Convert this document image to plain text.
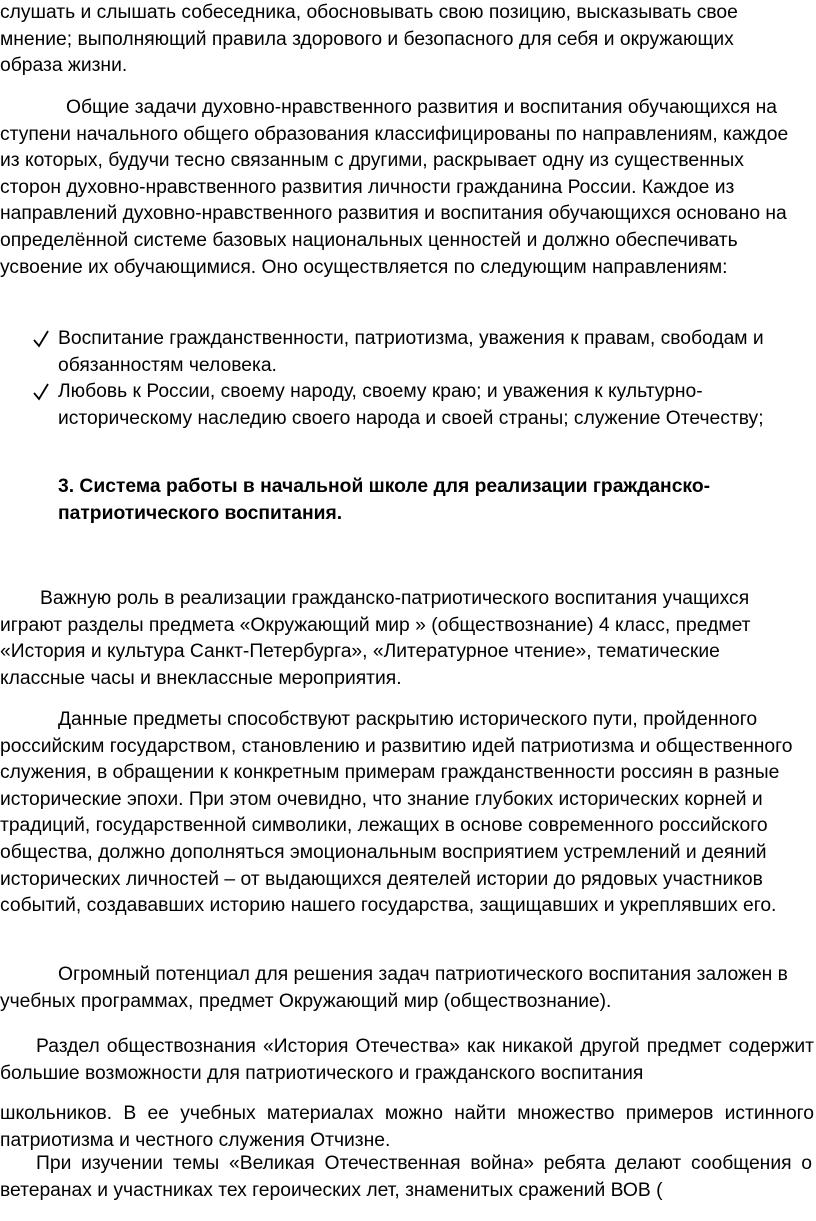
слушать и слышать собеседника, обосновывать свою позицию, высказывать свое мнение; выполняющий правила здорового и безопасного для себя и окружающих образа жизни.

Общие задачи духовно-нравственного развития и воспитания обучающихся на ступени начального общего образования классифицированы по направлениям, каждое из которых, будучи тесно связанным с другими, раскрывает одну из существенных сторон духовно-нравственного развития личности гражданина России. Каждое из направлений духовно-нравственного развития и воспитания обучающихся основано на определённой системе базовых национальных ценностей и должно обеспечивать усвоение их обучающимися. Оно осуществляется по следующим направлениям:

Воспитание гражданственности, патриотизма, уважения к правам, свободам и обязанностям человека.
Любовь к России, своему народу, своему краю; и уважения к культурно-историческому наследию своего народа и своей страны; служение Отечеству;

3. Система работы в начальной школе для реализации гражданско-патриотического воспитания.

Важную роль в реализации гражданско-патриотического воспитания учащихся играют разделы предмета «Окружающий мир » (обществознание) 4 класс, предмет «История и культура Санкт-Петербурга», «Литературное чтение», тематические классные часы и внеклассные мероприятия.

Данные предметы способствуют раскрытию исторического пути, пройденного российским государством, становлению и развитию идей патриотизма и общественного служения, в обращении к конкретным примерам гражданственности россиян в разные исторические эпохи. При этом очевидно, что знание глубоких исторических корней и традиций, государственной символики, лежащих в основе современного российского общества, должно дополняться эмоциональным восприятием устремлений и деяний исторических личностей – от выдающихся деятелей истории до рядовых участников событий, создававших историю нашего государства, защищавших и укреплявших его.

Огромный потенциал для решения задач патриотического воспитания заложен в учебных программах, предмет Окружающий мир (обществознание).

Раздел обществознания «История Отечества» как никакой другой предмет содержит большие возможности для патриотического и гражданского воспитания

школьников. В ее учебных материалах можно найти множество примеров истинного патриотизма и честного служения Отчизне.

При изучении темы «Великая Отечественная война» ребята делают сообщения о ветеранах и участниках тех героических лет, знаменитых сражений ВОВ (
